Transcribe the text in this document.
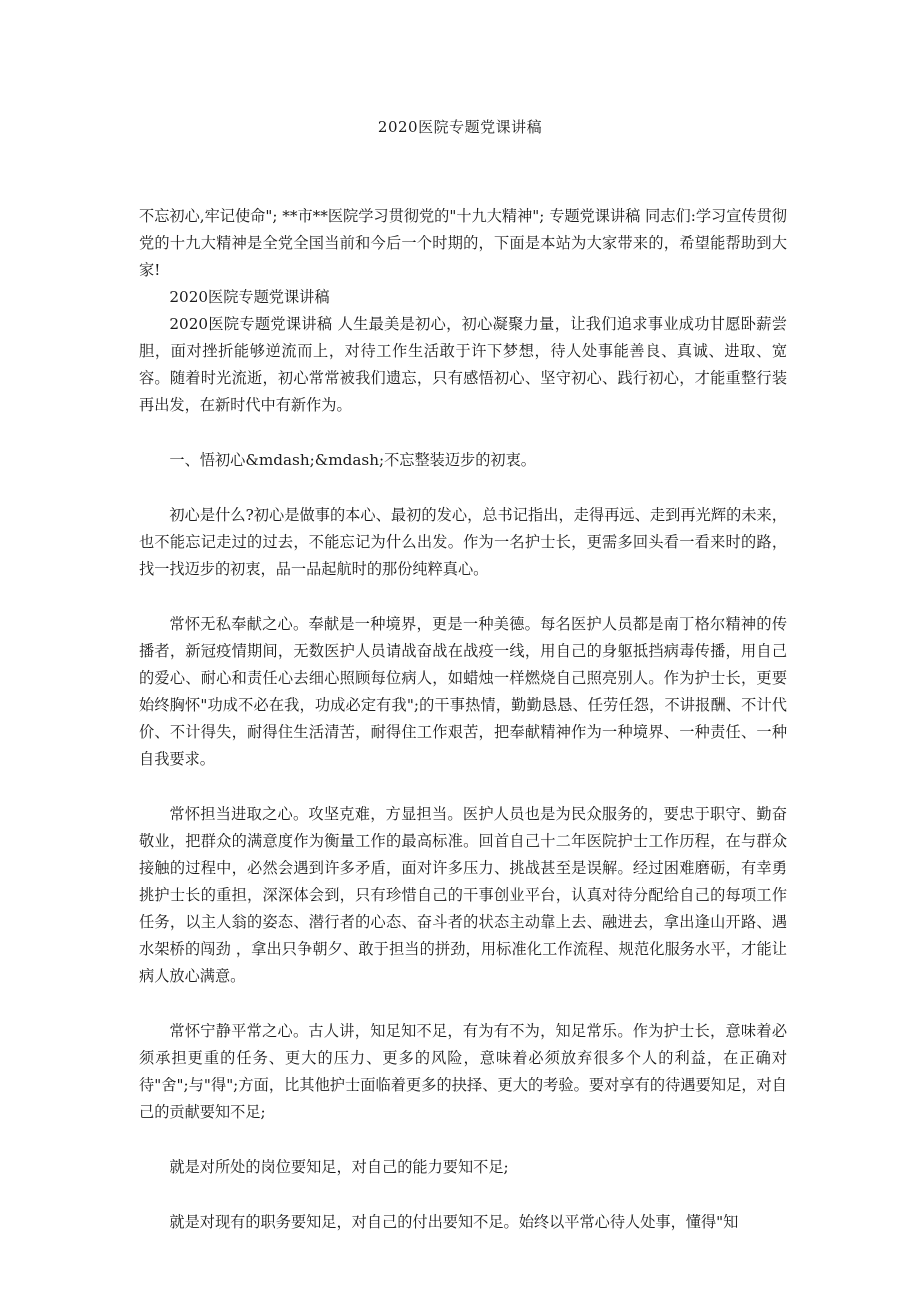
2020医院专题党课讲稿

不忘初心,牢记使命"; **市**医院学习贯彻党的"十九大精神"; 专题党课讲稿 同志们:学习宣传贯彻党的十九大精神是全党全国当前和今后一个时期的，下面是本站为大家带来的，希望能帮助到大家!

2020医院专题党课讲稿

2020医院专题党课讲稿 人生最美是初心，初心凝聚力量，让我们追求事业成功甘愿卧薪尝胆，面对挫折能够逆流而上，对待工作生活敢于许下梦想，待人处事能善良、真诚、进取、宽容。随着时光流逝，初心常常被我们遗忘，只有感悟初心、坚守初心、践行初心，才能重整行装再出发，在新时代中有新作为。

一、悟初心&mdash;&mdash;不忘整装迈步的初衷。

初心是什么?初心是做事的本心、最初的发心，总书记指出，走得再远、走到再光辉的未来，也不能忘记走过的过去，不能忘记为什么出发。作为一名护士长，更需多回头看一看来时的路，找一找迈步的初衷，品一品起航时的那份纯粹真心。

常怀无私奉献之心。奉献是一种境界，更是一种美德。每名医护人员都是南丁格尔精神的传播者，新冠疫情期间，无数医护人员请战奋战在战疫一线，用自己的身躯抵挡病毒传播，用自己的爱心、耐心和责任心去细心照顾每位病人，如蜡烛一样燃烧自己照亮别人。作为护士长，更要始终胸怀"功成不必在我，功成必定有我";的干事热情，勤勤恳恳、任劳任怨，不讲报酬、不计代价、不计得失，耐得住生活清苦，耐得住工作艰苦，把奉献精神作为一种境界、一种责任、一种自我要求。

常怀担当进取之心。攻坚克难，方显担当。医护人员也是为民众服务的，要忠于职守、勤奋敬业，把群众的满意度作为衡量工作的最高标准。回首自己十二年医院护士工作历程，在与群众接触的过程中，必然会遇到许多矛盾，面对许多压力、挑战甚至是误解。经过困难磨砺，有幸勇挑护士长的重担，深深体会到，只有珍惜自己的干事创业平台，认真对待分配给自己的每项工作任务，以主人翁的姿态、潜行者的心态、奋斗者的状态主动靠上去、融进去，拿出逢山开路、遇水架桥的闯劲 ，拿出只争朝夕、敢于担当的拼劲，用标准化工作流程、规范化服务水平，才能让病人放心满意。

常怀宁静平常之心。古人讲，知足知不足，有为有不为，知足常乐。作为护士长，意味着必须承担更重的任务、更大的压力、更多的风险，意味着必须放弃很多个人的利益，在正确对待"舍";与"得";方面，比其他护士面临着更多的抉择、更大的考验。要对享有的待遇要知足，对自己的贡献要知不足;

就是对所处的岗位要知足，对自己的能力要知不足;

就是对现有的职务要知足，对自己的付出要知不足。始终以平常心待人处事，懂得"知
